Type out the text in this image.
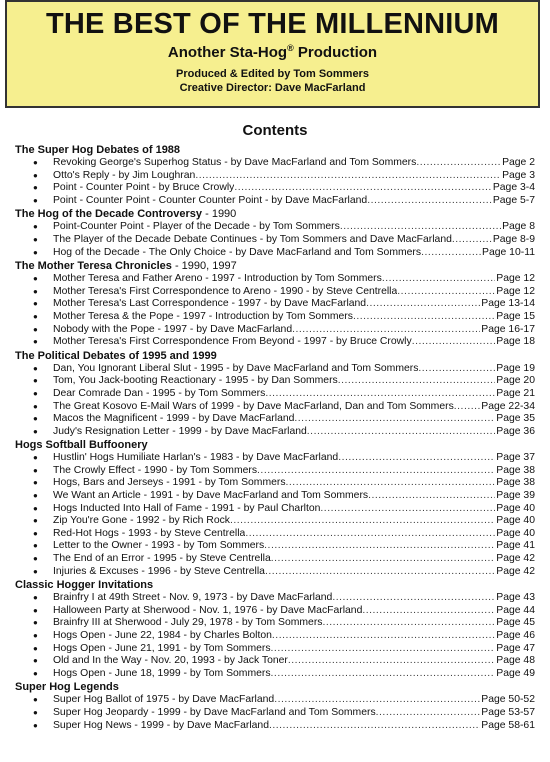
THE BEST OF THE MILLENNIUM
Another Sta-Hog® Production
Produced & Edited by Tom Sommers
Creative Director: Dave MacFarland
Contents
The Super Hog Debates of 1988
● Revoking George's Superhog Status - by Dave MacFarland and Tom Sommers .....	Page 2
● Otto's Reply - by Jim Loughran .....	Page 3
● Point - Counter Point - by Bruce Crowly .....	Page 3-4
● Point - Counter Point - Counter Counter Point - by Dave MacFarland .....	Page 5-7
The Hog of the Decade Controversy - 1990
● Point-Counter Point - Player of the Decade - by Tom Sommers .....	Page 8
● The Player of the Decade Debate Continues - by Tom Sommers and Dave MacFarland .....	Page 8-9
● Hog of the Decade - The Only Choice - by Dave MacFarland and Tom Sommers .....	Page 10-11
The Mother Teresa Chronicles - 1990, 1997
● Mother Teresa and Father Areno - 1997 - Introduction by Tom Sommers .....	Page 12
● Mother Teresa's First Correspondence to Areno - 1990 - by Steve Centrella .....	Page 12
● Mother Teresa's Last Correspondence - 1997 - by Dave MacFarland .....	Page 13-14
● Mother Teresa & the Pope - 1997 - Introduction by Tom Sommers .....	Page 15
● Nobody with the Pope - 1997 - by Dave MacFarland .....	Page 16-17
● Mother Teresa's First Correspondence From Beyond - 1997 - by Bruce Crowly .....	Page 18
The Political Debates of 1995 and 1999
● Dan, You Ignorant Liberal Slut - 1995 - by Dave MacFarland and Tom Sommers .....	Page 19
● Tom, You Jack-booting Reactionary - 1995 - by Dan Sommers .....	Page 20
● Dear Comrade Dan - 1995 - by Tom Sommers .....	Page 21
● The Great Kosovo E-Mail Wars of 1999 - by Dave MacFarland, Dan and Tom Sommers .....	Page 22-34
● Macos the Magnificent - 1999 - by Dave MacFarland .....	Page 35
● Judy's Resignation Letter - 1999 - by Dave MacFarland .....	Page 36
Hogs Softball Buffoonery
● Hustlin' Hogs Humiliate Harlan's - 1983 - by Dave MacFarland .....	Page 37
● The Crowly Effect - 1990 - by Tom Sommers .....	Page 38
● Hogs, Bars and Jerseys - 1991 - by Tom Sommers .....	Page 38
● We Want an Article - 1991 - by Dave MacFarland and Tom Sommers .....	Page 39
● Hogs Inducted Into Hall of Fame - 1991 - by Paul Charlton .....	Page 40
● Zip You're Gone - 1992 - by Rich Rock .....	Page 40
● Red-Hot Hogs - 1993 - by Steve Centrella .....	Page 40
● Letter to the Owner - 1993 - by Tom Sommers .....	Page 41
● The End of an Error - 1995 - by Steve Centrella .....	Page 42
● Injuries & Excuses - 1996 - by Steve Centrella .....	Page 42
Classic Hogger Invitations
● Brainfry I at 49th Street - Nov. 9, 1973 - by Dave MacFarland .....	Page 43
● Halloween Party at Sherwood - Nov. 1, 1976 - by Dave MacFarland .....	Page 44
● Brainfry III at Sherwood - July 29, 1978 - by Tom Sommers .....	Page 45
● Hogs Open - June 22, 1984 - by Charles Bolton .....	Page 46
● Hogs Open - June 21, 1991 - by Tom Sommers .....	Page 47
● Old and In the Way - Nov. 20, 1993 - by Jack Toner .....	Page 48
● Hogs Open - June 18, 1999 - by Tom Sommers .....	Page 49
Super Hog Legends
● Super Hog Ballot of 1975 - by Dave MacFarland .....	Page 50-52
● Super Hog Jeopardy - 1999 - by Dave MacFarland and Tom Sommers .....	Page 53-57
● Super Hog News - 1999 - by Dave MacFarland .....	Page 58-61
